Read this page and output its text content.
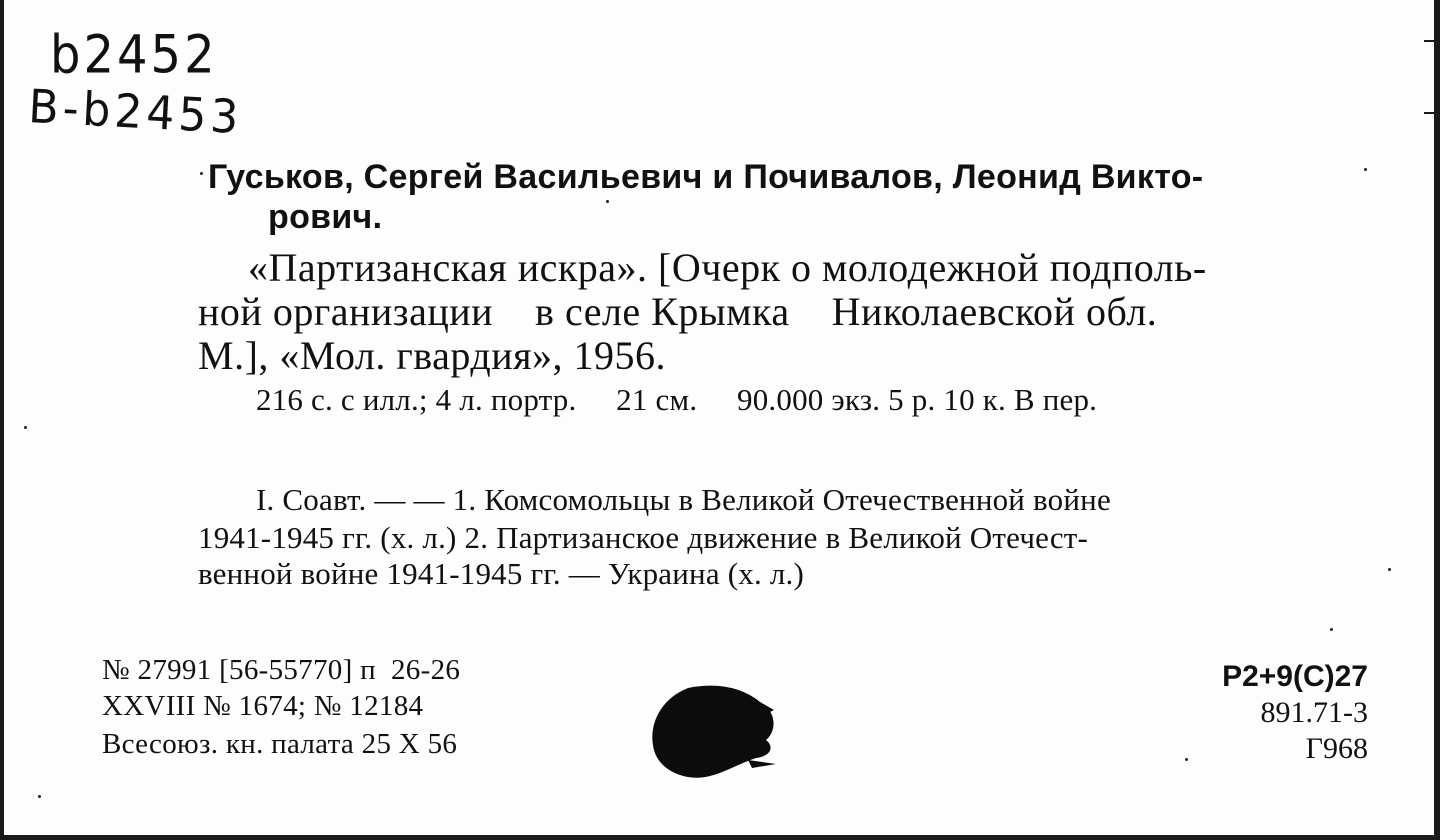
b2452
B-b2453
Гуськов, Сергей Васильевич и Почивалов, Леонид Викто-
рович.
«Партизанская искра». [Очерк о молодежной подполь-
ной организации    в селе Крымка    Николаевской обл.
М.], «Мол. гвардия», 1956.
216 с. с илл.; 4 л. портр.     21 см.     90.000 экз. 5 р. 10 к. В пер.
I. Соавт. — — 1. Комсомольцы в Великой Отечественной войне
1941-1945 гг. (х. л.) 2. Партизанское движение в Великой Отечест-
венной войне 1941-1945 гг. — Украина (х. л.)
№ 27991 [56-55770] п  26-26
XXVIII № 1674; № 12184
Всесоюз. кн. палата 25 X 56
Р2+9(С)27
891.71-3
Г968
